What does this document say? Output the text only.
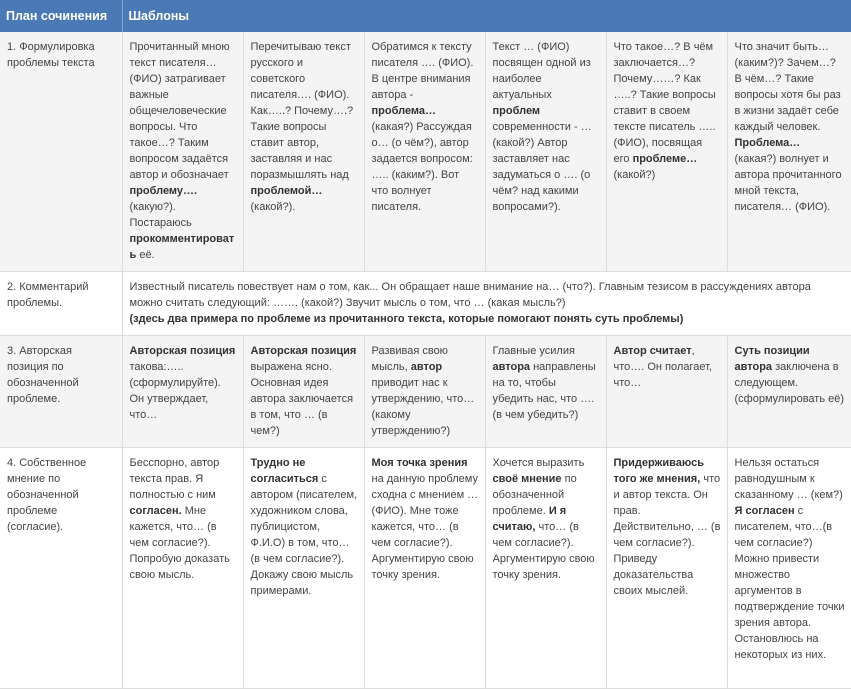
План сочинения	Шаблоны					
1. Формулировка проблемы текста	Прочитанный мною текст писателя… (ФИО) затрагивает важные общечеловеческие вопросы. Что такое…? Таким вопросом задаётся автор и обозначает проблему…. (какую?). Постараюсь прокомментировать её.	Перечитываю текст русского и советского писателя…. (ФИО). Как…..? Почему….? Такие вопросы ставит автор, заставляя и нас поразмышлять над проблемой… (какой?).	Обратимся к тексту писателя …. (ФИО). В центре внимания автора - проблема… (какая?) Рассуждая о… (о чём?), автор задается вопросом: ….. (каким?). Вот что волнует писателя.	Текст … (ФИО) посвящен одной из наиболее актуальных проблем современности - … (какой?) Автор заставляет нас задуматься о …. (о чём? над какими вопросами?).	Что такое…? В чём заключается…? Почему……? Как …..? Такие вопросы ставит в своем тексте писатель ….. (ФИО), посвящая его проблеме… (какой?)	Что значит быть… (каким?)? Зачем…? В чём…? Такие вопросы хотя бы раз в жизни задаёт себе каждый человек. Проблема… (какая?) волнует и автора прочитанного мной текста, писателя… (ФИО).
2. Комментарий проблемы.	Известный писатель повествует нам о том, как... Он обращает наше внимание на… (что?). Главным тезисом в рассуждениях автора можно считать следующий: ……. (какой?) Звучит мысль о том, что … (какая мысль?)
(здесь два примера по проблеме из прочитанного текста, которые помогают понять суть проблемы)					
3. Авторская позиция по обозначенной проблеме.	Авторская позиция такова:….. (сформулируйте). Он утверждает, что…	Авторская позиция выражена ясно. Основная идея автора заключается в том, что … (в чем?)	Развивая свою мысль, автор приводит нас к утверждению, что… (какому утверждению?)	Главные усилия автора направлены на то, чтобы убедить нас, что …. (в чем убедить?)	Автор считает, что…. Он полагает, что…	Суть позиции автора заключена в следующем. (сформулировать её)
4. Собственное мнение по обозначенной проблеме (согласие).	Бесспорно, автор текста прав. Я полностью с ним согласен. Мне кажется, что… (в чем согласие?). Попробую доказать свою мысль.	Трудно не согласиться с автором (писателем, художником слова, публицистом, Ф.И.О) в том, что… (в чем согласие?). Докажу свою мысль примерами.	Моя точка зрения на данную проблему сходна с мнением … (ФИО). Мне тоже кажется, что… (в чем согласие?). Аргументирую свою точку зрения.	Хочется выразить своё мнение по обозначенной проблеме. И я считаю, что… (в чем согласие?). Аргументирую свою точку зрения.	Придерживаюсь того же мнения, что и автор текста. Он прав. Действительно, … (в чем согласие?). Приведу доказательства своих мыслей.	Нельзя остаться равнодушным к сказанному … (кем?) Я согласен с писателем, что…(в чем согласие?) Можно привести множество аргументов в подтверждение точки зрения автора. Остановлюсь на некоторых из них.
